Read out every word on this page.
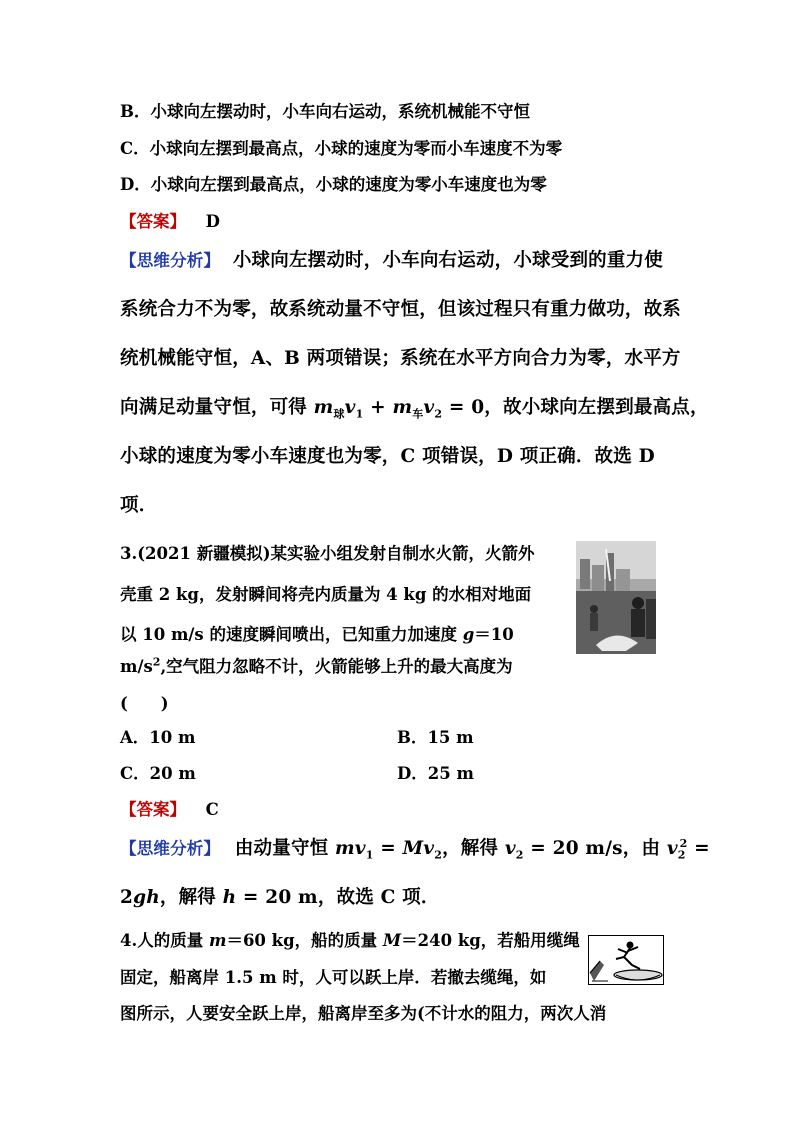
B．小球向左摆动时，小车向右运动，系统机械能不守恒
C．小球向左摆到最高点，小球的速度为零而小车速度不为零
D．小球向左摆到最高点，小球的速度为零小车速度也为零
【答案】 D
【思维分析】 小球向左摆动时，小车向右运动，小球受到的重力使
系统合力不为零，故系统动量不守恒，但该过程只有重力做功，故系
统机械能守恒，A、B 两项错误；系统在水平方向合力为零，水平方
向满足动量守恒，可得 $m_球v_1 + m_车v_2 = 0$，故小球向左摆到最高点，
小球的速度为零小车速度也为零，C 项错误，D 项正确．故选 D
项．
3.(2021 新疆模拟)某实验小组发射自制水火箭，火箭外
壳重 2 kg，发射瞬间将壳内质量为 4 kg 的水相对地面
以 10 m/s 的速度瞬间喷出，已知重力加速度 g＝10
$m/s^2$,空气阻力忽略不计，火箭能够上升的最大高度为
(　　)
A．10 m	B．15 m
C．20 m	D．25 m
【答案】 C
【思维分析】 由动量守恒 $mv_1 = Mv_2$，解得 $v_2 = 20$ m/s，由 $v_2^2$ =
2gh，解得 h = 20 m，故选 C 项．
4.人的质量 m＝60 kg，船的质量 M＝240 kg，若船用缆绳
固定，船离岸 1.5 m 时，人可以跃上岸．若撤去缆绳，如
图所示，人要安全跃上岸，船离岸至多为(不计水的阻力，两次人消
